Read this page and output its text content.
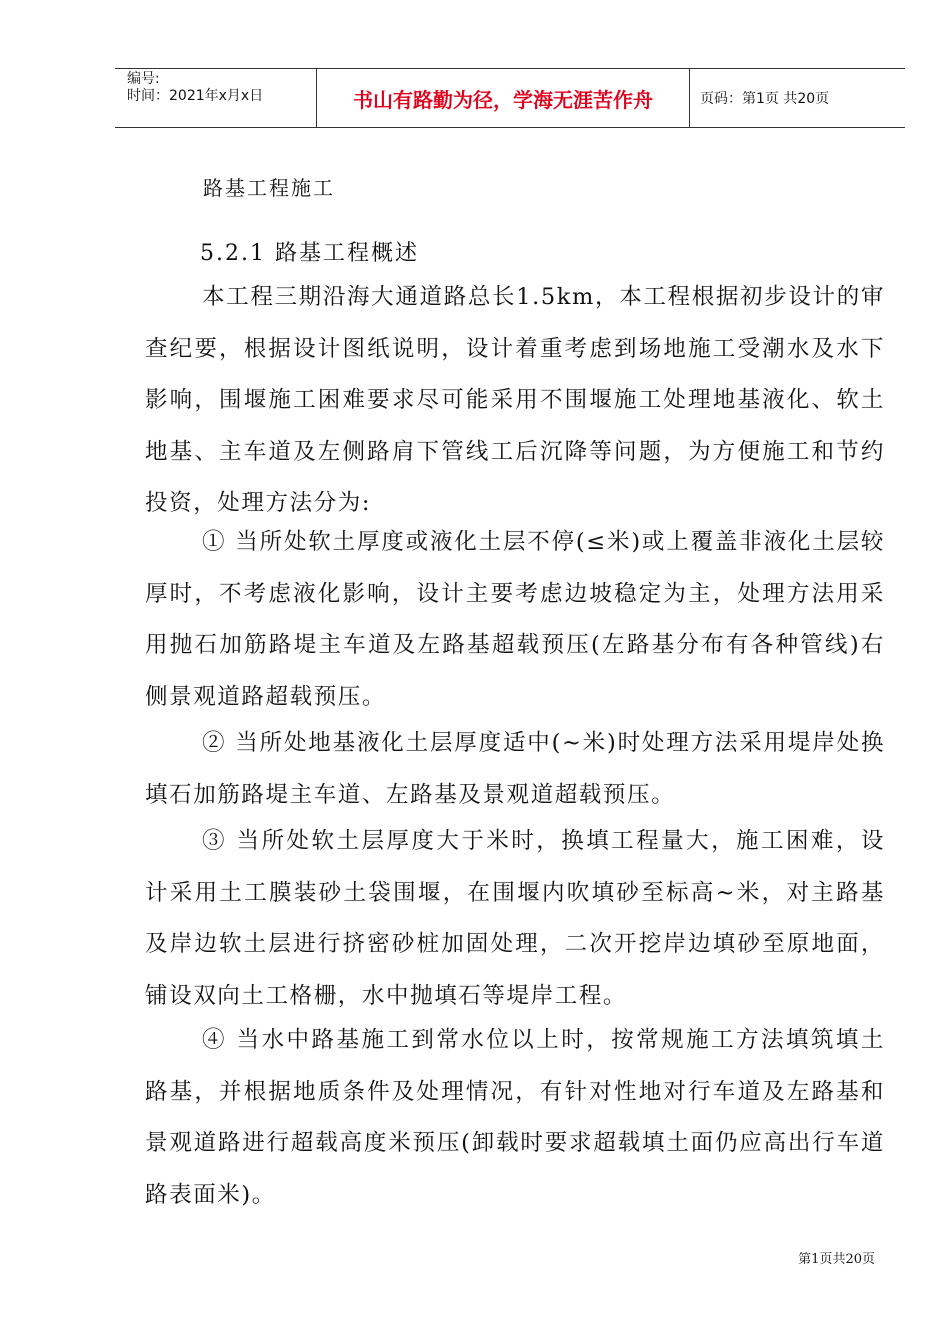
编号:
时间：2021年x月x日	书山有路勤为径，学海无涯苦作舟	页码：第1页 共20页
路基工程施工
5.2.1 路基工程概述

本工程三期沿海大通道路总长1.5km，本工程根据初步设计的审查纪要，根据设计图纸说明，设计着重考虑到场地施工受潮水及水下影响，围堰施工困难要求尽可能采用不围堰施工处理地基液化、软土地基、主车道及左侧路肩下管线工后沉降等问题，为方便施工和节约投资，处理方法分为:

① 当所处软土厚度或液化土层不停(≤米)或上覆盖非液化土层较厚时，不考虑液化影响，设计主要考虑边坡稳定为主，处理方法用采用抛石加筋路堤主车道及左路基超载预压(左路基分布有各种管线)右侧景观道路超载预压。

② 当所处地基液化土层厚度适中(~米)时处理方法采用堤岸处换填石加筋路堤主车道、左路基及景观道超载预压。

③ 当所处软土层厚度大于米时，换填工程量大，施工困难，设计采用土工膜装砂土袋围堰，在围堰内吹填砂至标高~米，对主路基及岸边软土层进行挤密砂桩加固处理，二次开挖岸边填砂至原地面，铺设双向土工格栅，水中抛填石等堤岸工程。

④ 当水中路基施工到常水位以上时，按常规施工方法填筑填土路基，并根据地质条件及处理情况，有针对性地对行车道及左路基和景观道路进行超载高度米预压(卸载时要求超载填土面仍应高出行车道路表面米)。

第1页共20页
